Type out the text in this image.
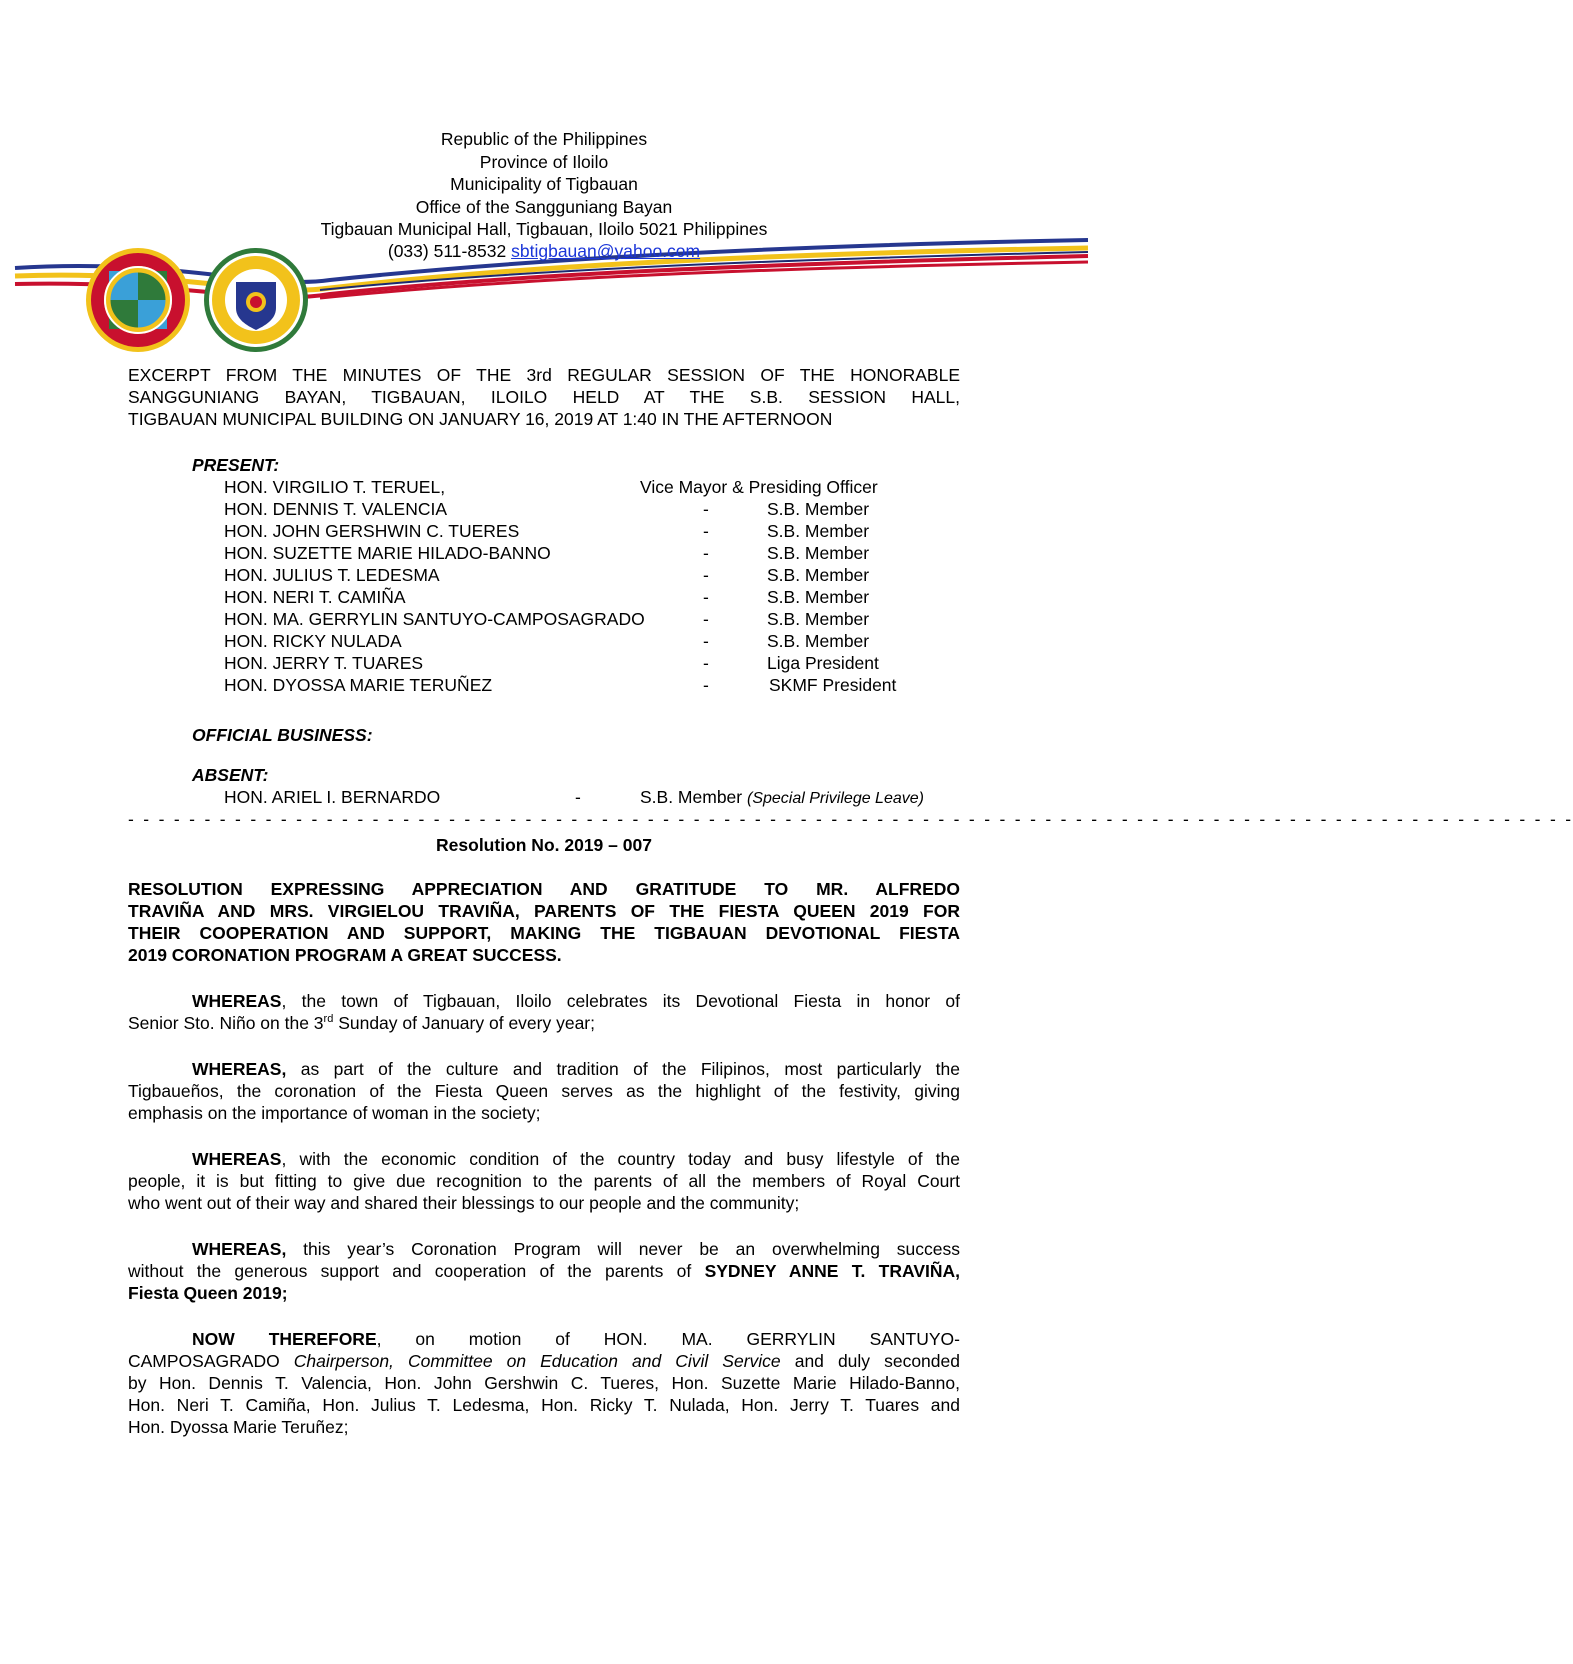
Republic of the Philippines
Province of Iloilo
Municipality of Tigbauan
Office of the Sangguniang Bayan
Tigbauan Municipal Hall, Tigbauan, Iloilo 5021 Philippines
(033) 511-8532 sbtigbauan@yahoo.com
EXCERPT FROM THE MINUTES OF THE 3rd REGULAR SESSION OF THE HONORABLE
SANGGUNIANG BAYAN, TIGBAUAN, ILOILO HELD AT THE S.B. SESSION HALL,
TIGBAUAN MUNICIPAL BUILDING ON JANUARY 16, 2019 AT 1:40 IN THE AFTERNOON
PRESENT:
HON. VIRGILIO T. TERUEL,	Vice Mayor & Presiding Officer
HON. DENNIS T. VALENCIA	-	S.B. Member
HON. JOHN GERSHWIN C. TUERES	-	S.B. Member
HON. SUZETTE MARIE HILADO-BANNO	-	S.B. Member
HON. JULIUS T. LEDESMA	-	S.B. Member
HON. NERI T. CAMIÑA	-	S.B. Member
HON. MA. GERRYLIN SANTUYO-CAMPOSAGRADO	-	S.B. Member
HON. RICKY NULADA	-	S.B. Member
HON. JERRY T. TUARES	-	Liga President
HON. DYOSSA MARIE TERUÑEZ	-	SKMF President
OFFICIAL BUSINESS:
ABSENT:
HON. ARIEL I. BERNARDO	-	S.B. Member (Special Privilege Leave)
- - - - - - - - - - - - - - - - - - - - - - - - - - - - - - - - - - - - - - - - - - - - - - - - - - - - - - - - - - - - - - - - - - - - - - - - - - - - - - - - - - - - - - - - - - - - - - -
Resolution No. 2019 – 007
RESOLUTION EXPRESSING APPRECIATION AND GRATITUDE TO MR. ALFREDO
TRAVIÑA AND MRS. VIRGIELOU TRAVIÑA, PARENTS OF THE FIESTA QUEEN 2019 FOR
THEIR COOPERATION AND SUPPORT, MAKING THE TIGBAUAN DEVOTIONAL FIESTA
2019 CORONATION PROGRAM A GREAT SUCCESS.
WHEREAS, the town of Tigbauan, Iloilo celebrates its Devotional Fiesta in honor of
Senior Sto. Niño on the 3rd Sunday of January of every year;
WHEREAS, as part of the culture and tradition of the Filipinos, most particularly the
Tigbaueños, the coronation of the Fiesta Queen serves as the highlight of the festivity, giving
emphasis on the importance of woman in the society;
WHEREAS, with the economic condition of the country today and busy lifestyle of the
people, it is but fitting to give due recognition to the parents of all the members of Royal Court
who went out of their way and shared their blessings to our people and the community;
WHEREAS, this year’s Coronation Program will never be an overwhelming success
without the generous support and cooperation of the parents of SYDNEY ANNE T. TRAVIÑA,
Fiesta Queen 2019;
NOW THEREFORE, on motion of HON. MA. GERRYLIN SANTUYO-
CAMPOSAGRADO Chairperson, Committee on Education and Civil Service and duly seconded
by Hon. Dennis T. Valencia, Hon. John Gershwin C. Tueres, Hon. Suzette Marie Hilado-Banno,
Hon. Neri T. Camiña, Hon. Julius T. Ledesma, Hon. Ricky T. Nulada, Hon. Jerry T. Tuares and
Hon. Dyossa Marie Teruñez;
